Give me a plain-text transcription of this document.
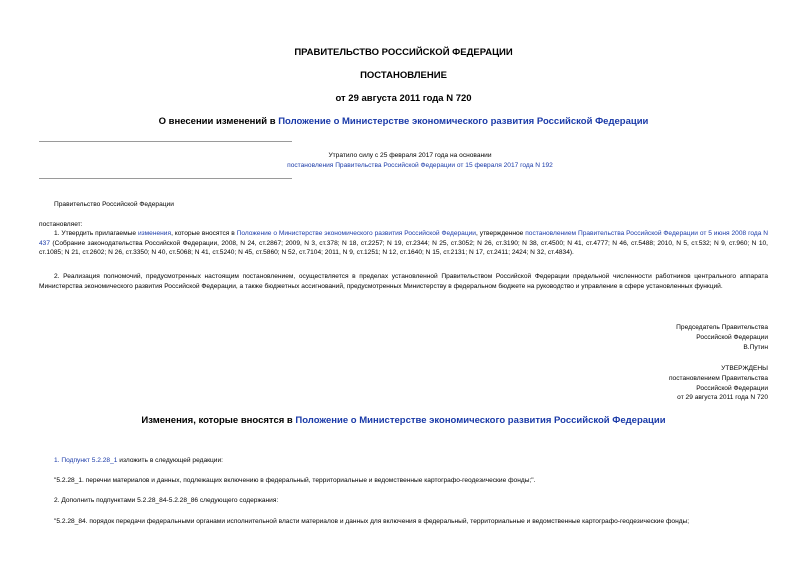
ПРАВИТЕЛЬСТВО РОССИЙСКОЙ ФЕДЕРАЦИИ
ПОСТАНОВЛЕНИЕ
от 29 августа 2011 года N 720
О внесении изменений в Положение о Министерстве экономического развития Российской Федерации
Утратило силу с 25 февраля 2017 года на основании
постановления Правительства Российской Федерации от 15 февраля 2017 года N 192
Правительство Российской Федерации
постановляет:
1. Утвердить прилагаемые изменения, которые вносятся в Положение о Министерстве экономического развития Российской Федерации, утвержденное постановлением Правительства Российской Федерации от 5 июня 2008 года N 437 (Собрание законодательства Российской Федерации, 2008, N 24, ст.2867; 2009, N 3, ст.378; N 18, ст.2257; N 19, ст.2344; N 25, ст.3052; N 26, ст.3190; N 38, ст.4500; N 41, ст.4777; N 46, ст.5488; 2010, N 5, ст.532; N 9, ст.960; N 10, ст.1085; N 21, ст.2602; N 26, ст.3350; N 40, ст.5068; N 41, ст.5240; N 45, ст.5860; N 52, ст.7104; 2011, N 9, ст.1251; N 12, ст.1640; N 15, ст.2131; N 17, ст.2411; 2424; N 32, ст.4834).
2. Реализация полномочий, предусмотренных настоящим постановлением, осуществляется в пределах установленной Правительством Российской Федерации предельной численности работников центрального аппарата Министерства экономического развития Российской Федерации, а также бюджетных ассигнований, предусмотренных Министерству в федеральном бюджете на руководство и управление в сфере установленных функций.
Председатель Правительства
Российской Федерации
В.Путин
УТВЕРЖДЕНЫ
постановлением Правительства
Российской Федерации
от 29 августа 2011 года N 720
Изменения, которые вносятся в Положение о Министерстве экономического развития Российской Федерации
1. Подпункт 5.2.28_1 изложить в следующей редакции:
"5.2.28_1. перечни материалов и данных, подлежащих включению в федеральный, территориальные и ведомственные картографо-геодезические фонды;".
2. Дополнить подпунктами 5.2.28_84-5.2.28_86 следующего содержания:
"5.2.28_84. порядок передачи федеральными органами исполнительной власти материалов и данных для включения в федеральный, территориальные и ведомственные картографо-геодезические фонды;
